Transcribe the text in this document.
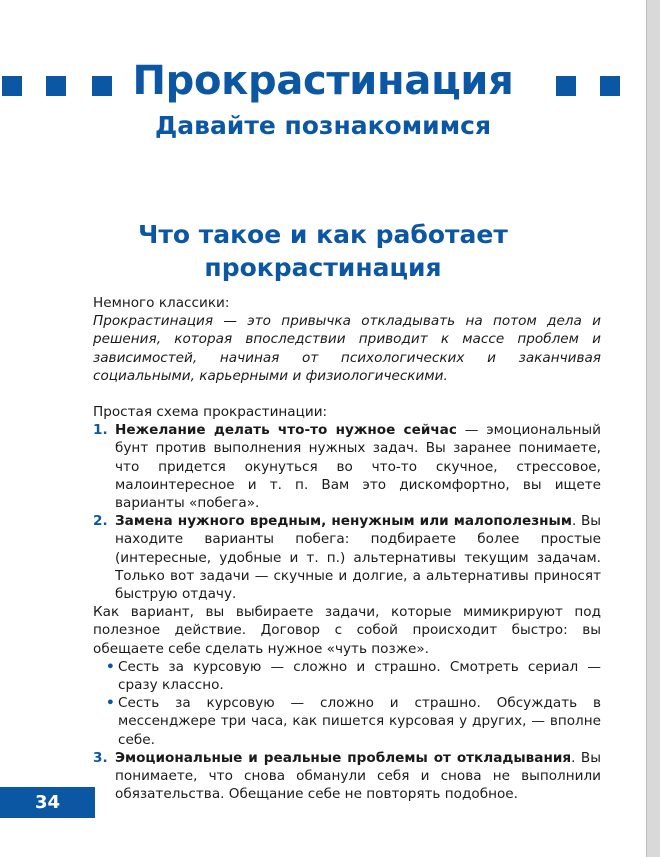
Прокрастинация
Давайте познакомимся
Что такое и как работает
прокрастинация

Немного классики:

Прокрастинация — это привычка откладывать на потом дела и решения, которая впоследствии приводит к массе проблем и зависимостей, начиная от психологических и заканчивая социальными, карьерными и физиологическими.

Простая схема прокрастинации:

1. Нежелание делать что-то нужное сейчас — эмоциональный бунт против выполнения нужных задач. Вы заранее понимаете, что придется окунуться во что-то скучное, стрессовое, малоинтересное и т. п. Вам это дискомфортно, вы ищете варианты «побега».
2. Замена нужного вредным, ненужным или малополезным. Вы находите варианты побега: подбираете более простые (интересные, удобные и т. п.) альтернативы текущим задачам. Только вот задачи — скучные и долгие, а альтернативы приносят быструю отдачу.

Как вариант, вы выбираете задачи, которые мимикрируют под полезное действие. Договор с собой происходит быстро: вы обещаете себе сделать нужное «чуть позже».

• Сесть за курсовую — сложно и страшно. Смотреть сериал — сразу классно.
• Сесть за курсовую — сложно и страшно. Обсуждать в мессенджере три часа, как пишется курсовая у других, — вполне себе.
3. Эмоциональные и реальные проблемы от откладывания. Вы понимаете, что снова обманули себя и снова не выполнили обязательства. Обещание себе не повторять подобное.
34
